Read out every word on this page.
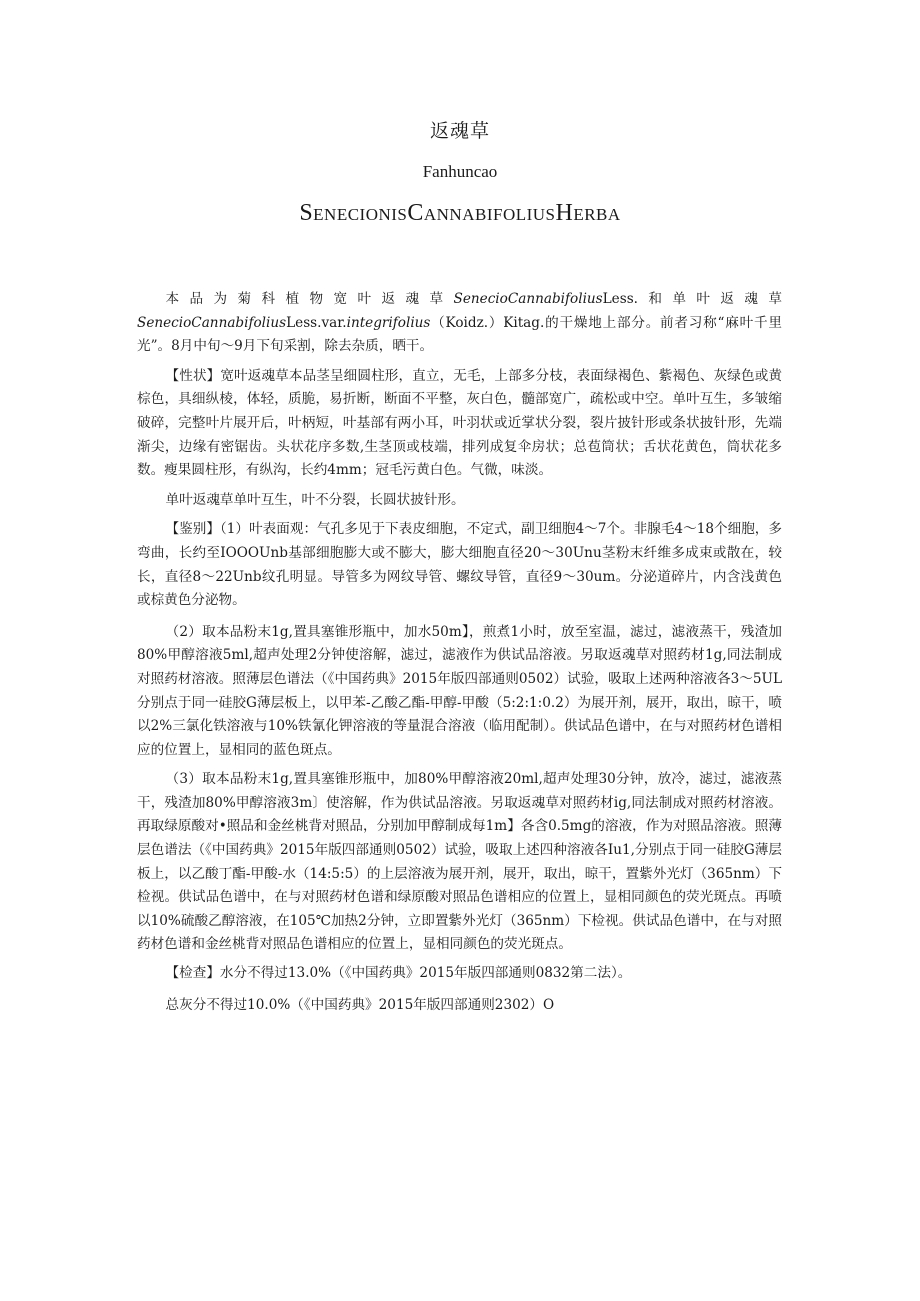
返魂草
Fanhuncao
SenecionisCannabifoliusHerba

本品为菊科植物宽叶返魂草SenecioCannabifoliusLess.和单叶返魂草SenecioCannabifoliusLess.var.integrifolius（Koidz.）Kitag.的干燥地上部分。前者习称“麻叶千里光”。8月中旬～9月下旬采割，除去杂质，晒干。

【性状】宽叶返魂草本品茎呈细圆柱形，直立，无毛，上部多分枝，表面绿褐色、紫褐色、灰绿色或黄棕色，具细纵棱，体轻，质脆，易折断，断面不平整，灰白色，髓部宽广，疏松或中空。单叶互生，多皱缩破碎，完整叶片展开后，叶柄短，叶基部有两小耳，叶羽状或近掌状分裂，裂片披针形或条状披针形，先端渐尖，边缘有密锯齿。头状花序多数,生茎顶或枝端，排列成复伞房状；总苞筒状；舌状花黄色，筒状花多数。瘦果圆柱形，有纵沟，长约4mm；冠毛污黄白色。气微，味淡。

单叶返魂草单叶互生，叶不分裂，长圆状披针形。

【鉴别】（1）叶表面观：气孔多见于下表皮细胞，不定式，副卫细胞4～7个。非腺毛4～18个细胞，多弯曲，长约至IOOOUnb基部细胞膨大或不膨大，膨大细胞直径20～30Unu茎粉末纤维多成束或散在，较长，直径8～22Unb纹孔明显。导管多为网纹导管、螺纹导管，直径9～30um。分泌道碎片，内含浅黄色或棕黄色分泌物。

（2）取本品粉末1g,置具塞锥形瓶中，加水50m】，煎煮1小时，放至室温，滤过，滤液蒸干，残渣加80%甲醇溶液5ml,超声处理2分钟使溶解，滤过，滤液作为供试品溶液。另取返魂草对照药材1g,同法制成对照药材溶液。照薄层色谱法（《中国药典》2015年版四部通则0502）试验，吸取上述两种溶液各3～5UL分别点于同一硅胶G薄层板上，以甲苯-乙酸乙酯-甲醇-甲酸（5:2:1:0.2）为展开剂，展开，取出，晾干，喷以2%三氯化铁溶液与10%铁氰化钾溶液的等量混合溶液（临用配制）。供试品色谱中，在与对照药材色谱相应的位置上，显相同的蓝色斑点。

（3）取本品粉末1g,置具塞锥形瓶中，加80%甲醇溶液20ml,超声处理30分钟，放冷，滤过，滤液蒸干，残渣加80%甲醇溶液3m〕使溶解，作为供试品溶液。另取返魂草对照药材ig,同法制成对照药材溶液。再取绿原酸对•照品和金丝桃背对照品，分别加甲醇制成每1m】各含0.5mg的溶液，作为对照品溶液。照薄层色谱法（《中国药典》2015年版四部通则0502）试验，吸取上述四种溶液各Iu1,分别点于同一硅胶G薄层板上，以乙酸丁酯-甲酸-水（14:5:5）的上层溶液为展开剂，展开，取出，晾干，置紫外光灯（365nm）下检视。供试品色谱中，在与对照药材色谱和绿原酸对照品色谱相应的位置上，显相同颜色的荧光斑点。再喷以10%硫酸乙醇溶液，在105℃加热2分钟，立即置紫外光灯（365nm）下检视。供试品色谱中，在与对照药材色谱和金丝桃背对照品色谱相应的位置上，显相同颜色的荧光斑点。

【检查】水分不得过13.0%（《中国药典》2015年版四部通则0832第二法）。

总灰分不得过10.0%（《中国药典》2015年版四部通则2302）O
